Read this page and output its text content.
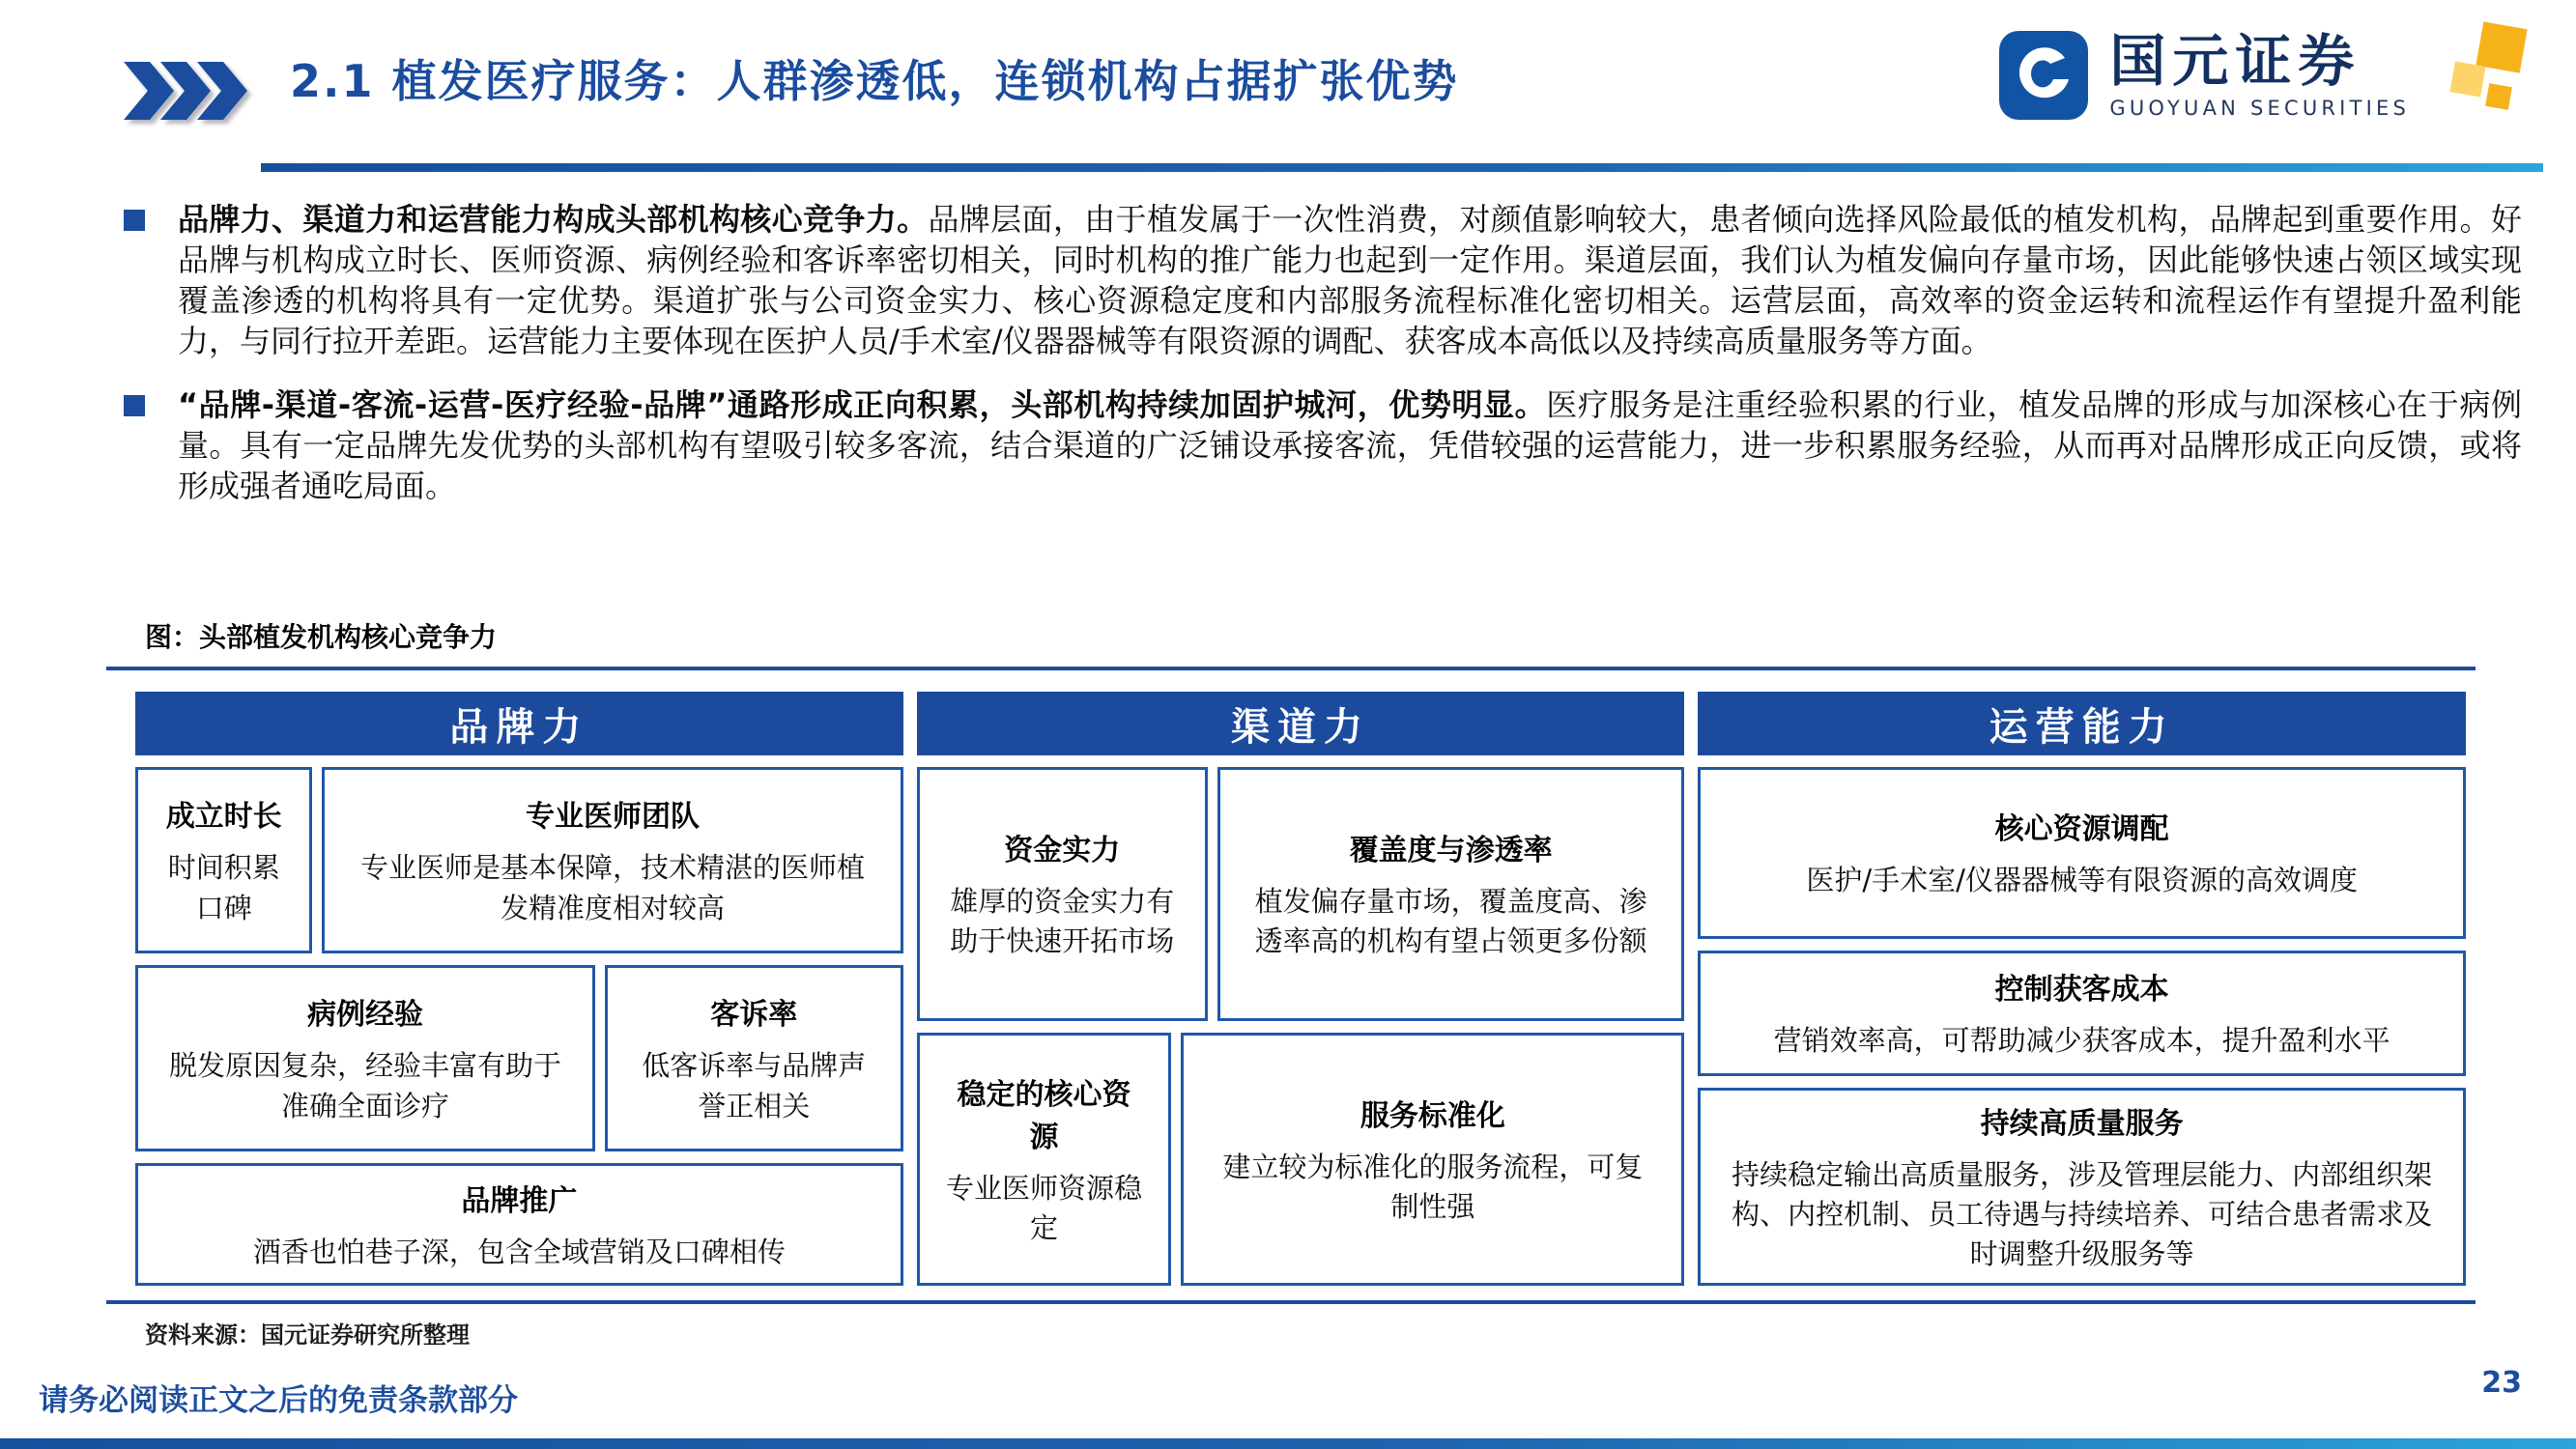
2.1 植发医疗服务：人群渗透低，连锁机构占据扩张优势	国元证券
GUOYUAN SECURITIES
品牌力、渠道力和运营能力构成头部机构核心竞争力。品牌层面，由于植发属于一次性消费，对颜值影响较大，患者倾向选择风险最低的植发机构，品牌起到重要作用。好品牌与机构成立时长、医师资源、病例经验和客诉率密切相关，同时机构的推广能力也起到一定作用。渠道层面，我们认为植发偏向存量市场，因此能够快速占领区域实现覆盖渗透的机构将具有一定优势。渠道扩张与公司资金实力、核心资源稳定度和内部服务流程标准化密切相关。运营层面，高效率的资金运转和流程运作有望提升盈利能力，与同行拉开差距。运营能力主要体现在医护人员/手术室/仪器器械等有限资源的调配、获客成本高低以及持续高质量服务等方面。
“品牌-渠道-客流-运营-医疗经验-品牌”通路形成正向积累，头部机构持续加固护城河，优势明显。医疗服务是注重经验积累的行业，植发品牌的形成与加深核心在于病例量。具有一定品牌先发优势的头部机构有望吸引较多客流，结合渠道的广泛铺设承接客流，凭借较强的运营能力，进一步积累服务经验，从而再对品牌形成正向反馈，或将形成强者通吃局面。
图：头部植发机构核心竞争力
品牌力
成立时长
时间积累口碑
专业医师团队
专业医师是基本保障，技术精湛的医师植发精准度相对较高
病例经验
脱发原因复杂，经验丰富有助于准确全面诊疗
客诉率
低客诉率与品牌声誉正相关
品牌推广
酒香也怕巷子深，包含全域营销及口碑相传
渠道力
资金实力
雄厚的资金实力有助于快速开拓市场
覆盖度与渗透率
植发偏存量市场，覆盖度高、渗透率高的机构有望占领更多份额
稳定的核心资源
专业医师资源稳定
服务标准化
建立较为标准化的服务流程，可复制性强
运营能力
核心资源调配
医护/手术室/仪器器械等有限资源的高效调度
控制获客成本
营销效率高，可帮助减少获客成本，提升盈利水平
持续高质量服务
持续稳定输出高质量服务，涉及管理层能力、内部组织架构、内控机制、员工待遇与持续培养、可结合患者需求及时调整升级服务等
资料来源：国元证券研究所整理
请务必阅读正文之后的免责条款部分
23
